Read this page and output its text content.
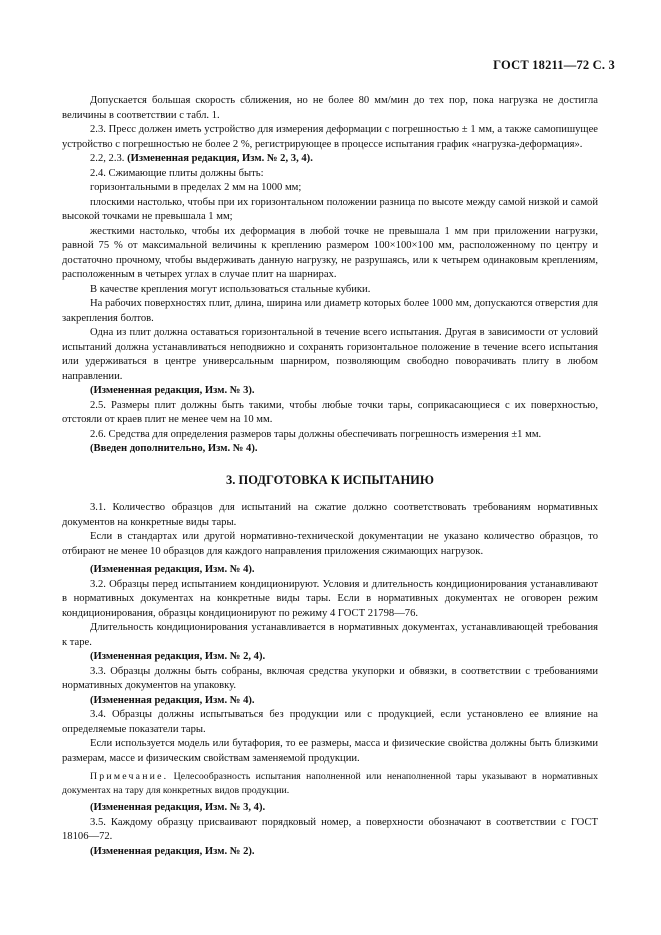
ГОСТ 18211—72 С. 3

Допускается большая скорость сближения, но не более 80 мм/мин до тех пор, пока нагрузка не достигла величины в соответствии с табл. 1.

2.3. Пресс должен иметь устройство для измерения деформации с погрешностью ± 1 мм, а также самопишущее устройство с погрешностью не более 2 %, регистрирующее в процессе испытания график «нагрузка-деформация».

2.2, 2.3. (Измененная редакция, Изм. № 2, 3, 4).

2.4. Сжимающие плиты должны быть:

горизонтальными в пределах 2 мм на 1000 мм;

плоскими настолько, чтобы при их горизонтальном положении разница по высоте между самой низкой и самой высокой точками не превышала 1 мм;

жесткими настолько, чтобы их деформация в любой точке не превышала 1 мм при приложении нагрузки, равной 75 % от максимальной величины к креплению размером 100×100×100 мм, расположенному по центру и достаточно прочному, чтобы выдерживать данную нагрузку, не разрушаясь, или к четырем одинаковым креплениям, расположенным в четырех углах в случае плит на шарнирах.

В качестве крепления могут использоваться стальные кубики.

На рабочих поверхностях плит, длина, ширина или диаметр которых более 1000 мм, допускаются отверстия для закрепления болтов.

Одна из плит должна оставаться горизонтальной в течение всего испытания. Другая в зависимости от условий испытаний должна устанавливаться неподвижно и сохранять горизонтальное положение в течение всего испытания или удерживаться в центре универсальным шарниром, позволяющим свободно поворачивать плиту в любом направлении.

(Измененная редакция, Изм. № 3).

2.5. Размеры плит должны быть такими, чтобы любые точки тары, соприкасающиеся с их поверхностью, отстояли от краев плит не менее чем на 10 мм.

2.6. Средства для определения размеров тары должны обеспечивать погрешность измерения ±1 мм.

(Введен дополнительно, Изм. № 4).

3. ПОДГОТОВКА К ИСПЫТАНИЮ

3.1. Количество образцов для испытаний на сжатие должно соответствовать требованиям нормативных документов на конкретные виды тары.

Если в стандартах или другой нормативно-технической документации не указано количество образцов, то отбирают не менее 10 образцов для каждого направления приложения сжимающих нагрузок.

(Измененная редакция, Изм. № 4).

3.2. Образцы перед испытанием кондиционируют. Условия и длительность кондиционирования устанавливают в нормативных документах на конкретные виды тары. Если в нормативных документах не оговорен режим кондиционирования, образцы кондиционируют по режиму 4 ГОСТ 21798—76.

Длительность кондиционирования устанавливается в нормативных документах, устанавливающей требования к таре.

(Измененная редакция, Изм. № 2, 4).

3.3. Образцы должны быть собраны, включая средства укупорки и обвязки, в соответствии с требованиями нормативных документов на упаковку.

(Измененная редакция, Изм. № 4).

3.4. Образцы должны испытываться без продукции или с продукцией, если установлено ее влияние на определяемые показатели тары.

Если используется модель или бутафория, то ее размеры, масса и физические свойства должны быть близкими размерам, массе и физическим свойствам заменяемой продукции.

Примечание. Целесообразность испытания наполненной или ненаполненной тары указывают в нормативных документах на тару для конкретных видов продукции.

(Измененная редакция, Изм. № 3, 4).

3.5. Каждому образцу присваивают порядковый номер, а поверхности обозначают в соответствии с ГОСТ 18106—72.

(Измененная редакция, Изм. № 2).
